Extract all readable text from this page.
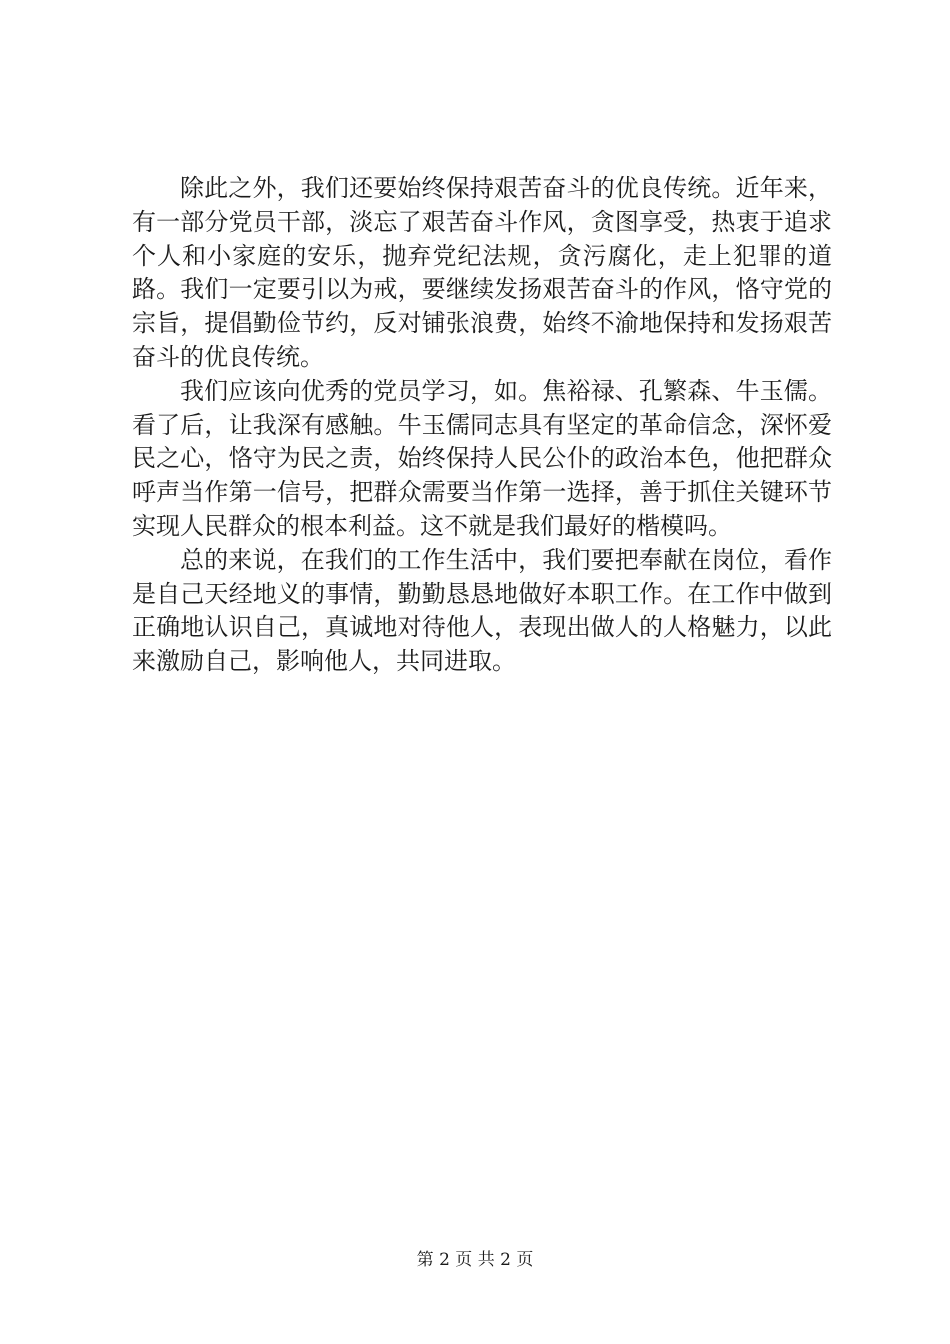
除此之外，我们还要始终保持艰苦奋斗的优良传统。近年来，有一部分党员干部，淡忘了艰苦奋斗作风，贪图享受，热衷于追求个人和小家庭的安乐，抛弃党纪法规，贪污腐化，走上犯罪的道路。我们一定要引以为戒，要继续发扬艰苦奋斗的作风，恪守党的宗旨，提倡勤俭节约，反对铺张浪费，始终不渝地保持和发扬艰苦奋斗的优良传统。

我们应该向优秀的党员学习，如。焦裕禄、孔繁森、牛玉儒。看了后，让我深有感触。牛玉儒同志具有坚定的革命信念，深怀爱民之心，恪守为民之责，始终保持人民公仆的政治本色，他把群众呼声当作第一信号，把群众需要当作第一选择，善于抓住关键环节实现人民群众的根本利益。这不就是我们最好的楷模吗。

总的来说，在我们的工作生活中，我们要把奉献在岗位，看作是自己天经地义的事情，勤勤恳恳地做好本职工作。在工作中做到正确地认识自己，真诚地对待他人，表现出做人的人格魅力，以此来激励自己，影响他人，共同进取。

第 2 页 共 2 页
